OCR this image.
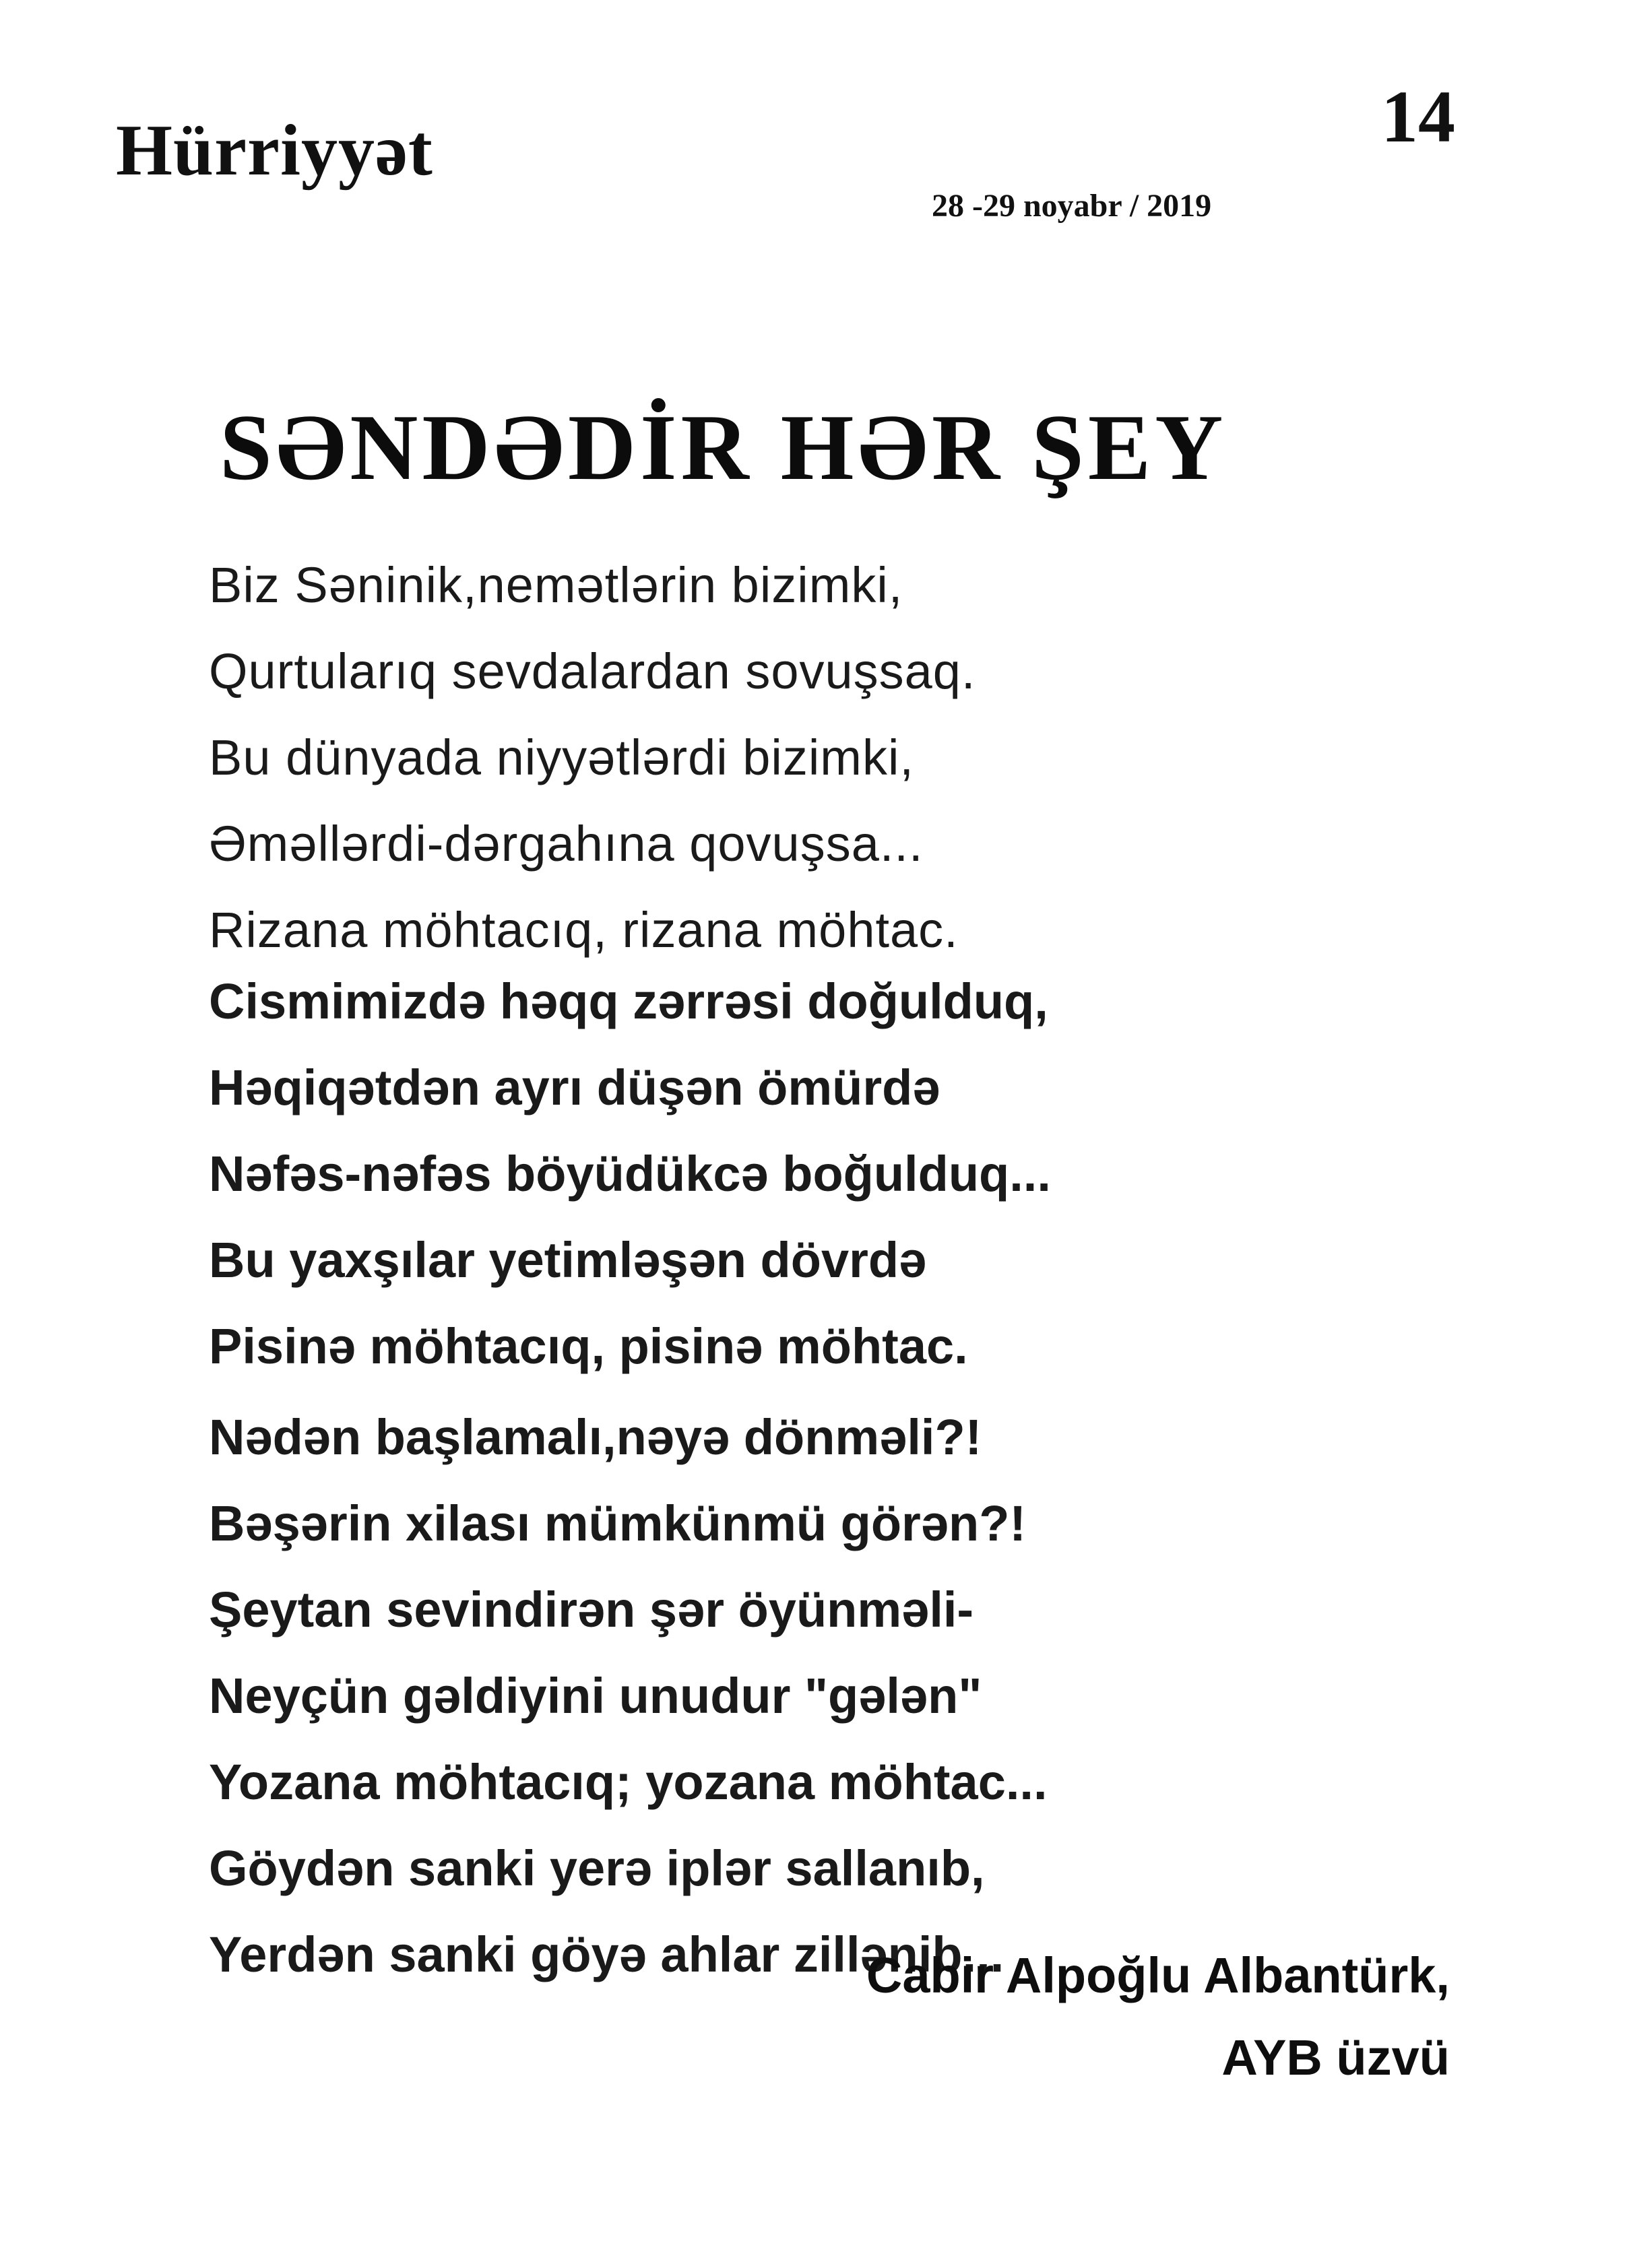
Hürriyyət	14
28 -29 noyabr / 2019
SƏNDƏDİR HƏR ŞEY
Biz Səninik,nemətlərin bizimki,
Qurtularıq sevdalardan sovuşsaq.
Bu dünyada niyyətlərdi bizimki,
Əməllərdi-dərgahına qovuşsa...
Rizana möhtacıq, rizana möhtac.
Cismimizdə həqq zərrəsi doğulduq,
Həqiqətdən ayrı düşən ömürdə
Nəfəs-nəfəs böyüdükcə boğulduq...
Bu yaxşılar yetimləşən dövrdə
Pisinə möhtacıq, pisinə möhtac.
Nədən başlamalı,nəyə dönməli?!
Bəşərin xilası mümkünmü görən?!
Şeytan sevindirən şər öyünməli-
Neyçün gəldiyini unudur "gələn"
Yozana möhtacıq; yozana möhtac...
Göydən sanki yerə iplər sallanıb,
Yerdən sanki göyə ahlar zillənib...
Cabir Alpoğlu Albantürk,
AYB üzvü
